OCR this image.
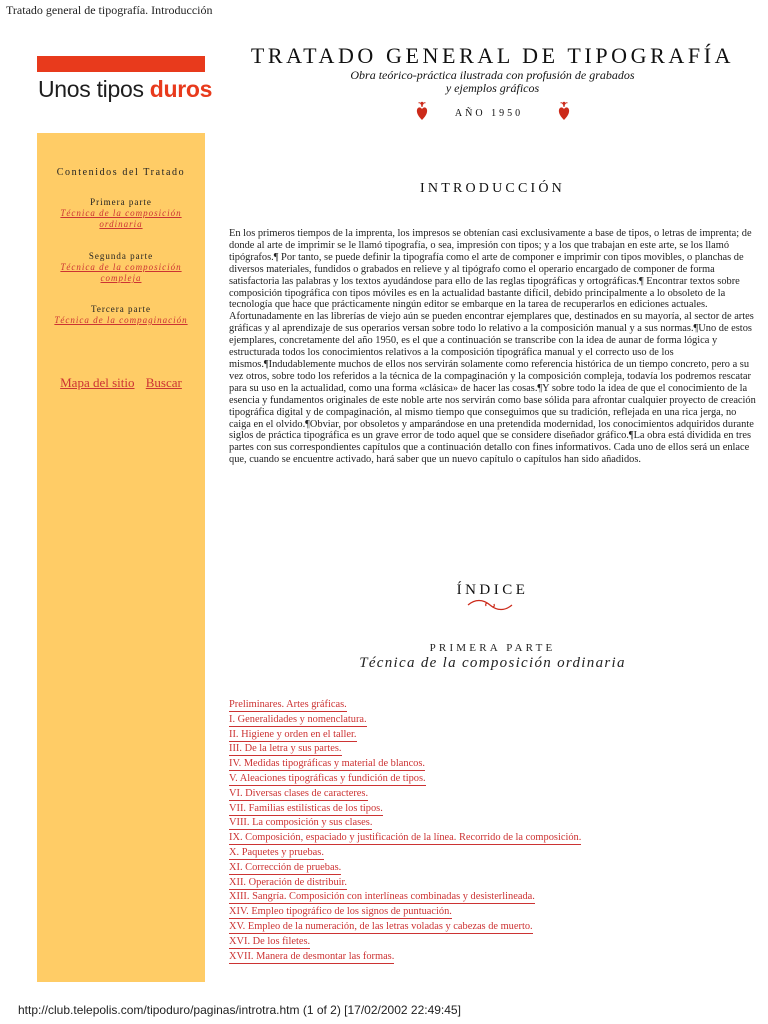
Tratado general de tipografía. Introducción
Unos tipos duros
TRATADO GENERAL DE TIPOGRAFÍA
Obra teórico-práctica ilustrada con profusión de grabados
y ejemplos gráficos
AÑO 1950
Contenidos del Tratado
Primera parte
Técnica de la composición ordinaria
Segunda parte
Técnica de la composición compleja
Tercera parte
Técnica de la compaginación
Mapa del sitio Buscar
INTRODUCCIÓN

En los primeros tiempos de la imprenta, los impresos se obtenían casi exclusivamente a base de tipos, o letras de imprenta; de donde al arte de imprimir se le llamó tipografía, o sea, impresión con tipos; y a los que trabajan en este arte, se los llamó tipógrafos.¶ Por tanto, se puede definir la tipografía como el arte de componer e imprimir con tipos movibles, o planchas de diversos materiales, fundidos o grabados en relieve y al tipógrafo como el operario encargado de componer de forma satisfactoria las palabras y los textos ayudándose para ello de las reglas tipográficas y ortográficas.¶ Encontrar textos sobre composición tipográfica con tipos móviles es en la actualidad bastante difícil, debido principalmente a lo obsoleto de la tecnología que hace que prácticamente ningún editor se embarque en la tarea de recuperarlos en ediciones actuales.
Afortunadamente en las librerías de viejo aún se pueden encontrar ejemplares que, destinados en su mayoría, al sector de artes gráficas y al aprendizaje de sus operarios versan sobre todo lo relativo a la composición manual y a sus normas.¶Uno de estos ejemplares, concretamente del año 1950, es el que a continuación se transcribe con la idea de aunar de forma lógica y estructurada todos los conocimientos relativos a la composición tipográfica manual y el correcto uso de los mismos.¶Indudablemente muchos de ellos nos servirán solamente como referencia histórica de un tiempo concreto, pero a su vez otros, sobre todo los referidos a la técnica de la compaginación y la composición compleja, todavía los podremos rescatar para su uso en la actualidad, como una forma «clásica» de hacer las cosas.¶Y sobre todo la idea de que el conocimiento de la esencia y fundamentos originales de este noble arte nos servirán como base sólida para afrontar cualquier proyecto de creación tipográfica digital y de compaginación, al mismo tiempo que conseguimos que su tradición, reflejada en una rica jerga, no caiga en el olvido.¶Obviar, por obsoletos y amparándose en una pretendida modernidad, los conocimientos adquiridos durante siglos de práctica tipográfica es un grave error de todo aquel que se considere diseñador gráfico.¶La obra está dividida en tres partes con sus correspondientes capítulos que a continuación detallo con fines informativos. Cada uno de ellos será un enlace que, cuando se encuentre activado, hará saber que un nuevo capítulo o capítulos han sido añadidos.

ÍNDICE
PRIMERA PARTE
Técnica de la composición ordinaria
Preliminares. Artes gráficas.
I. Generalidades y nomenclatura.
II. Higiene y orden en el taller.
III. De la letra y sus partes.
IV. Medidas tipográficas y material de blancos.
V. Aleaciones tipográficas y fundición de tipos.
VI. Diversas clases de caracteres.
VII. Familias estilísticas de los tipos.
VIII. La composición y sus clases.
IX. Composición, espaciado y justificación de la línea. Recorrido de la composición.
X. Paquetes y pruebas.
XI. Corrección de pruebas.
XII. Operación de distribuir.
XIII. Sangría. Composición con interlíneas combinadas y desisterlineada.
XIV. Empleo tipográfico de los signos de puntuación.
XV. Empleo de la numeración, de las letras voladas y cabezas de muerto.
XVI. De los filetes.
XVII. Manera de desmontar las formas.
http://club.telepolis.com/tipoduro/paginas/introtra.htm (1 of 2) [17/02/2002 22:49:45]
